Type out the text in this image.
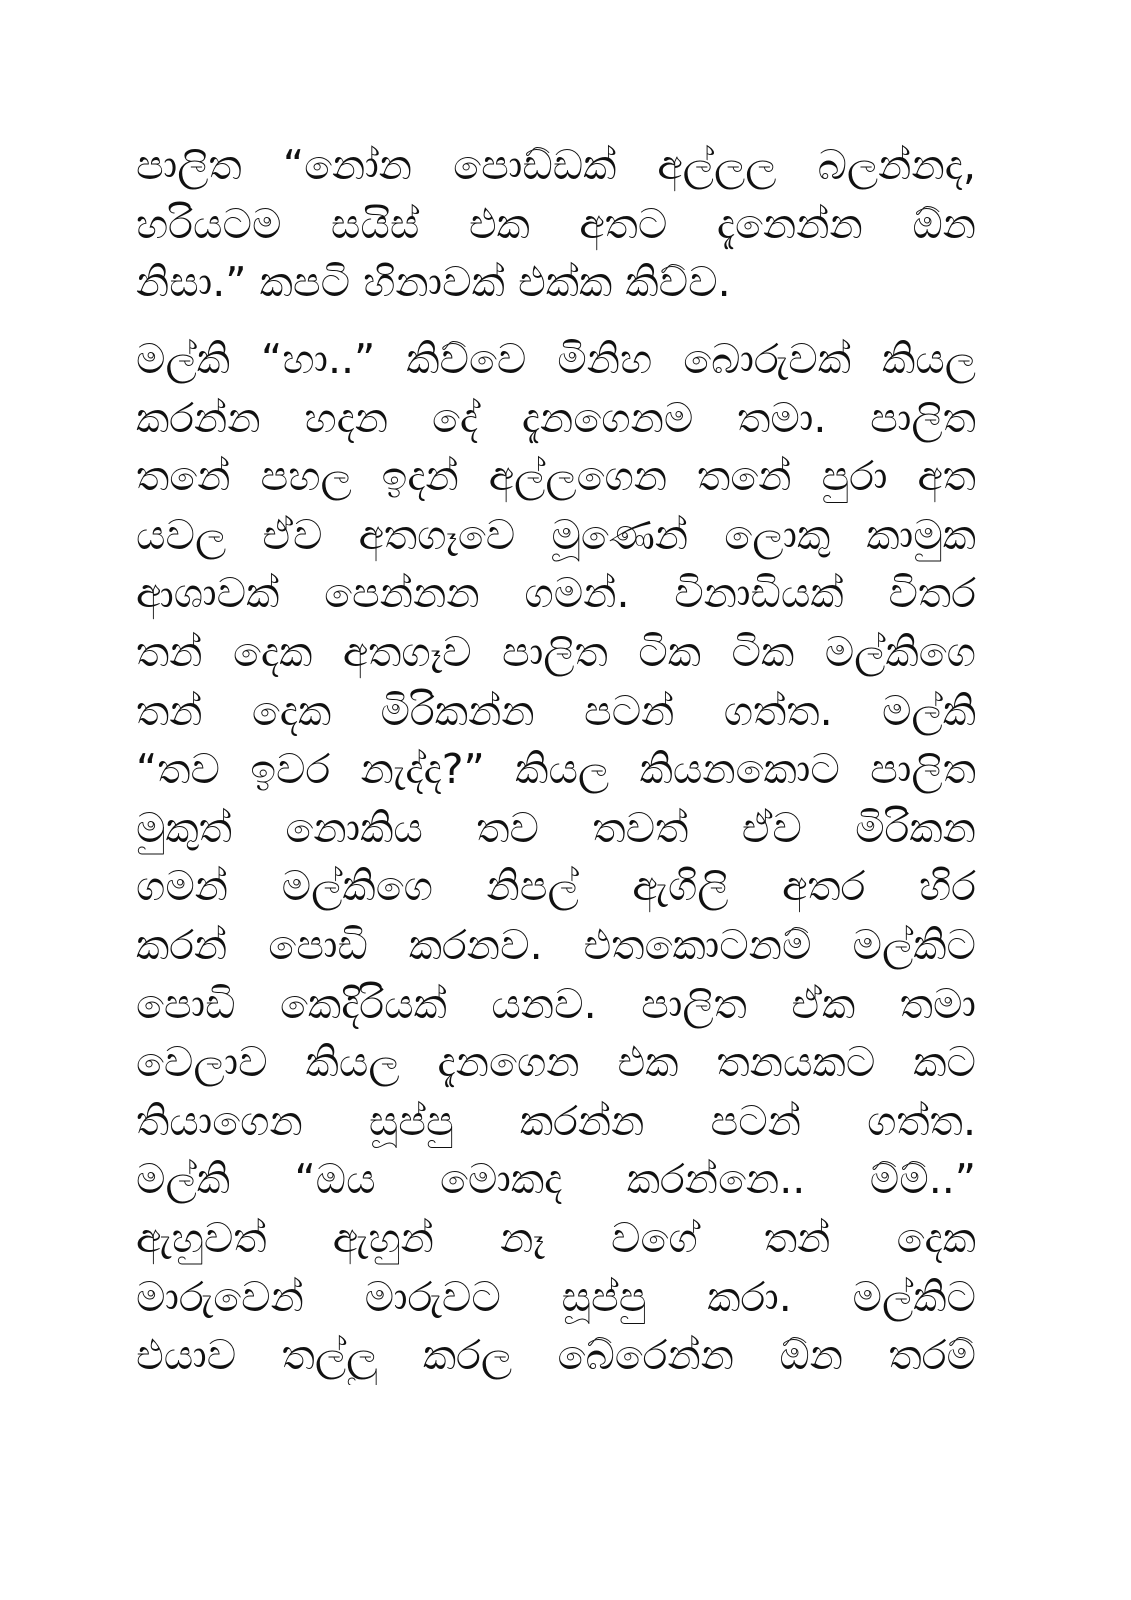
පාලිත “නෝන පොඩ්ඩක් අල්ලල බලන්නද,
හරියටම සයිස් එක අතට දැනෙන්න ඕන
නිසා.” කපටි හිනාවක් එක්ක කිව්ව.
මල්කි “හා..” කිව්වෙ මිනිහ බොරුවක් කියල
කරන්න හදන දේ දැනගෙනම තමා. පාලිත
තනේ පහල ඉදන් අල්ලගෙන තනේ පුරා අත
යවල ඒව අතගෑවෙ මූණෙන් ලොකු කාමුක
ආශාවක් පෙන්නන ගමන්. විනාඩියක් විතර
තන් දෙක අතගෑව පාලිත ටික ටික මල්කිගෙ
තන් දෙක මිරිකන්න පටන් ගත්ත. මල්කි
“තව ඉවර නැද්ද?” කියල කියනකොට පාලිත
මුකුත් නොකිය තව තවත් ඒව මිරිකන
ගමන් මල්කිගෙ නිපල් ඇගිලි අතර හිර
කරන් පොඩි කරනව. එතකොටනම් මල්කිට
පොඩි කෙදිරියක් යනව. පාලිත ඒක තමා
වෙලාව කියල දැනගෙන එක තනයකට කට
තියාගෙන සූප්පු කරන්න පටන් ගත්ත.
මල්කි “ඔය මොකද කරන්නෙ.. ම්ම්..”
ඇහුවත් ඇහුන් නෑ වගේ තන් දෙක
මාරුවෙන් මාරුවට සූප්පු කරා. මල්කිට
එයාව තල්ලු කරල බේරෙන්න ඕන තරම්
